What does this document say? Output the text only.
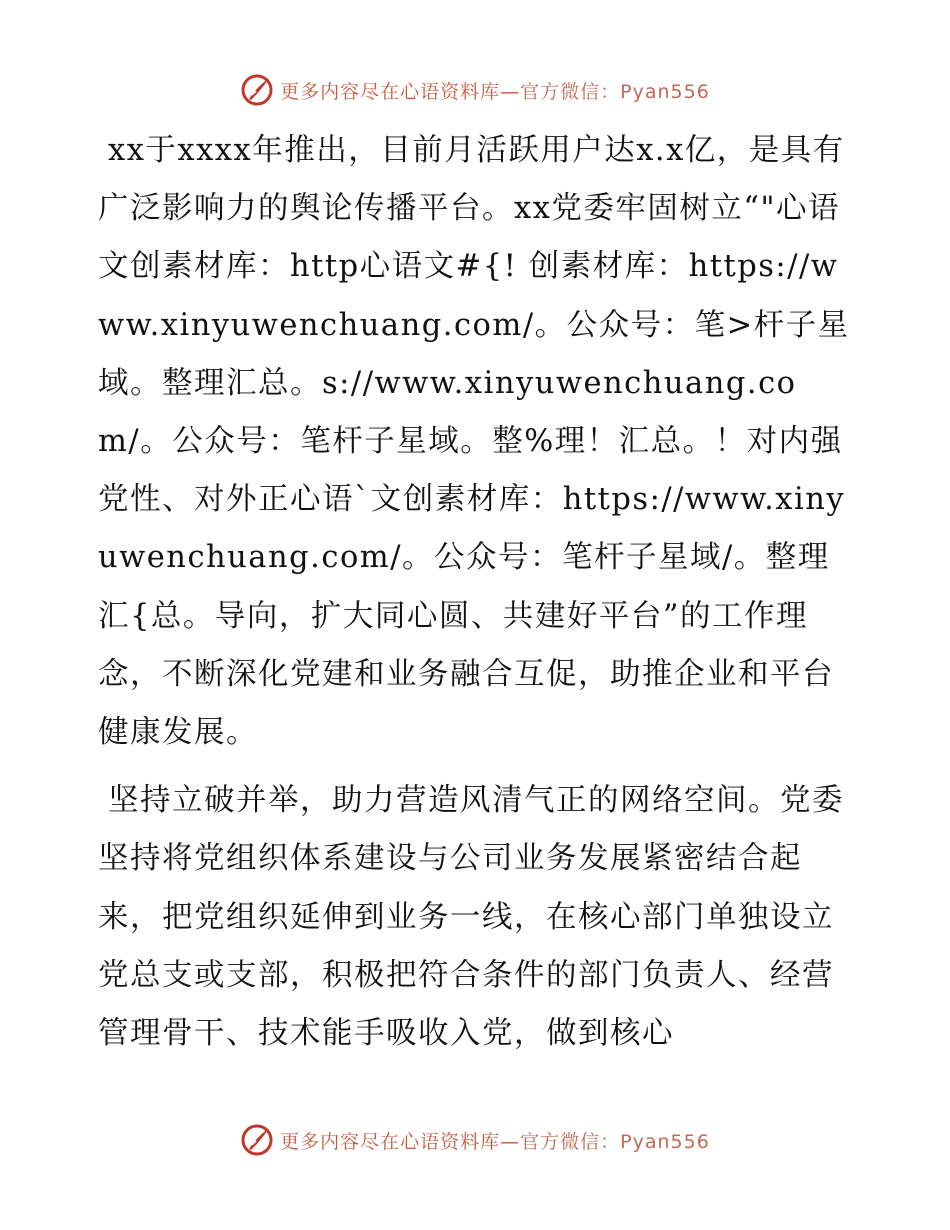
更多内容尽在心语资料库—官方微信：Pyan556

xx于xxxx年推出，目前月活跃用户达x.x亿，是具有广泛影响力的舆论传播平台。xx党委牢固树立“"心语文创素材库：http心语文#{! 创素材库：https://www.xinyuwenchuang.com/。公众号：笔>杆子星域。整理汇总。s://www.xinyuwenchuang.com/。公众号：笔杆子星域。整%理！汇总。！对内强党性、对外正心语`文创素材库：https://www.xinyuwenchuang.com/。公众号：笔杆子星域/。整理汇{总。导向，扩大同心圆、共建好平台”的工作理念，不断深化党建和业务融合互促，助推企业和平台健康发展。

坚持立破并举，助力营造风清气正的网络空间。党委坚持将党组织体系建设与公司业务发展紧密结合起来，把党组织延伸到业务一线，在核心部门单独设立党总支或支部，积极把符合条件的部门负责人、经营管理骨干、技术能手吸收入党，做到核心

更多内容尽在心语资料库—官方微信：Pyan556
